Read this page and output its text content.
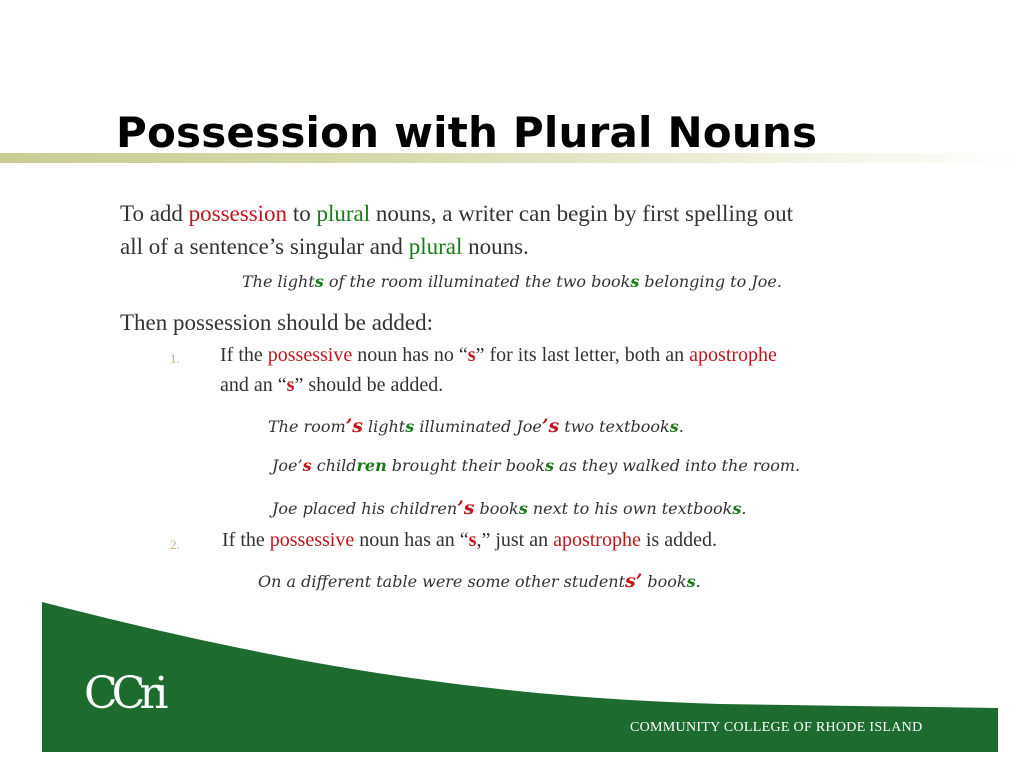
Possession with Plural Nouns
To add possession to plural nouns, a writer can begin by first spelling out
all of a sentence’s singular and plural nouns.
The lights of the room illuminated the two books belonging to Joe.
Then possession should be added:
1. If the possessive noun has no “s” for its last letter, both an apostrophe
and an “s” should be added.
The room’s lights illuminated Joe’s two textbooks.
Joe’s children brought their books as they walked into the room.
Joe placed his children’s books next to his own textbooks.
2. If the possessive noun has an “s,” just an apostrophe is added.
On a different table were some other students’ books.
CCri
COMMUNITY COLLEGE OF RHODE ISLAND
